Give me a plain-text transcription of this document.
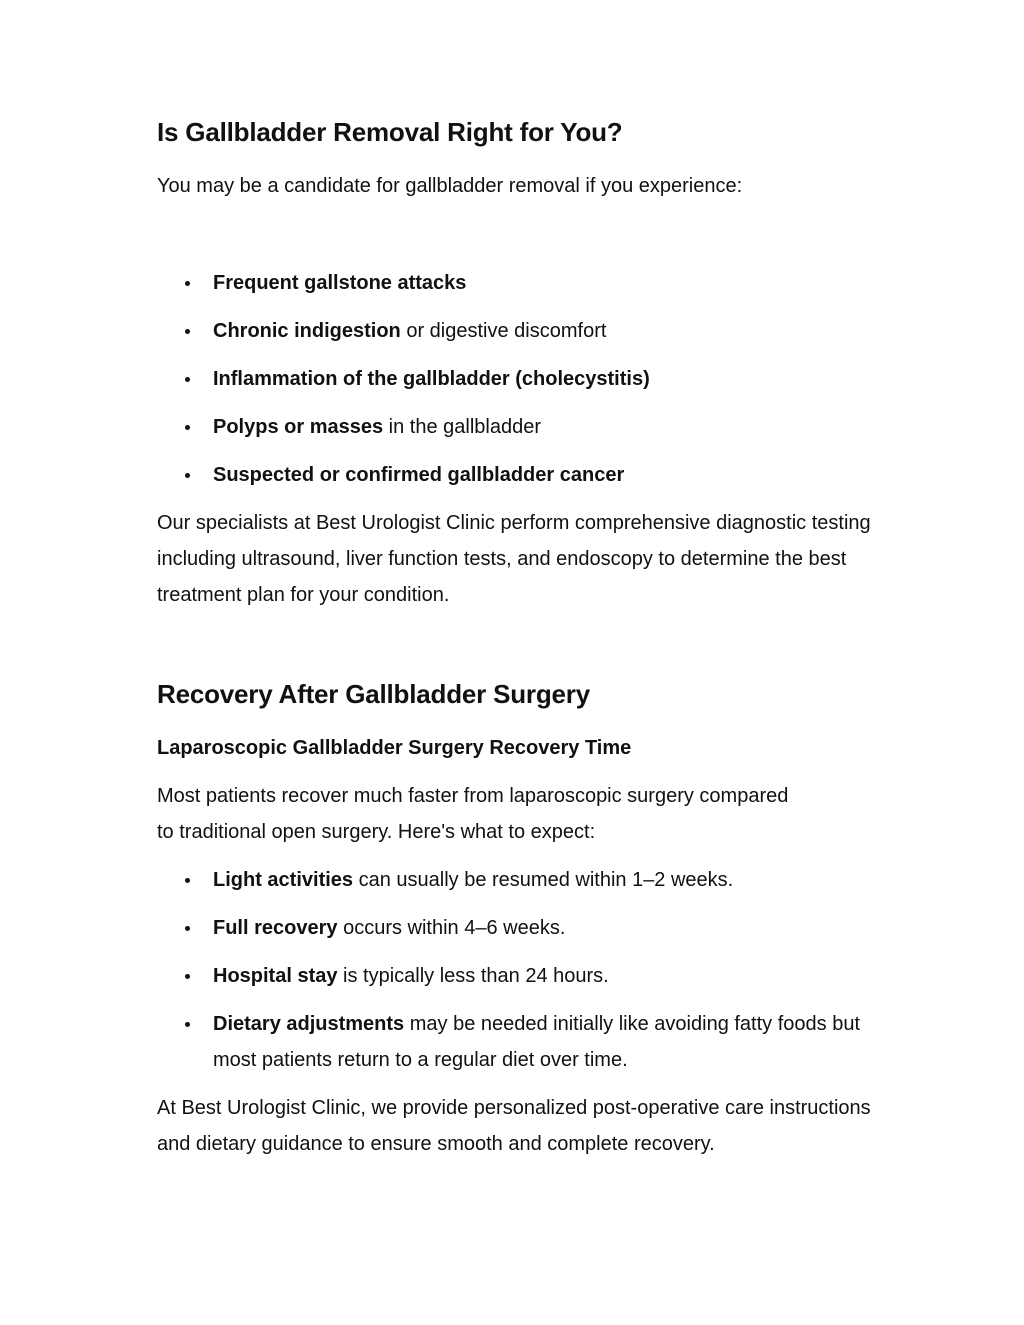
Is Gallbladder Removal Right for You?

You may be a candidate for gallbladder removal if you experience:

Frequent gallstone attacks
Chronic indigestion or digestive discomfort
Inflammation of the gallbladder (cholecystitis)
Polyps or masses in the gallbladder
Suspected or confirmed gallbladder cancer

Our specialists at Best Urologist Clinic perform comprehensive diagnostic testing including ultrasound, liver function tests, and endoscopy to determine the best treatment plan for your condition.

Recovery After Gallbladder Surgery
Laparoscopic Gallbladder Surgery Recovery Time

Most patients recover much faster from laparoscopic surgery compared to traditional open surgery. Here's what to expect:

Light activities can usually be resumed within 1–2 weeks.
Full recovery occurs within 4–6 weeks.
Hospital stay is typically less than 24 hours.
Dietary adjustments may be needed initially like avoiding fatty foods but most patients return to a regular diet over time.

At Best Urologist Clinic, we provide personalized post-operative care instructions and dietary guidance to ensure smooth and complete recovery.
